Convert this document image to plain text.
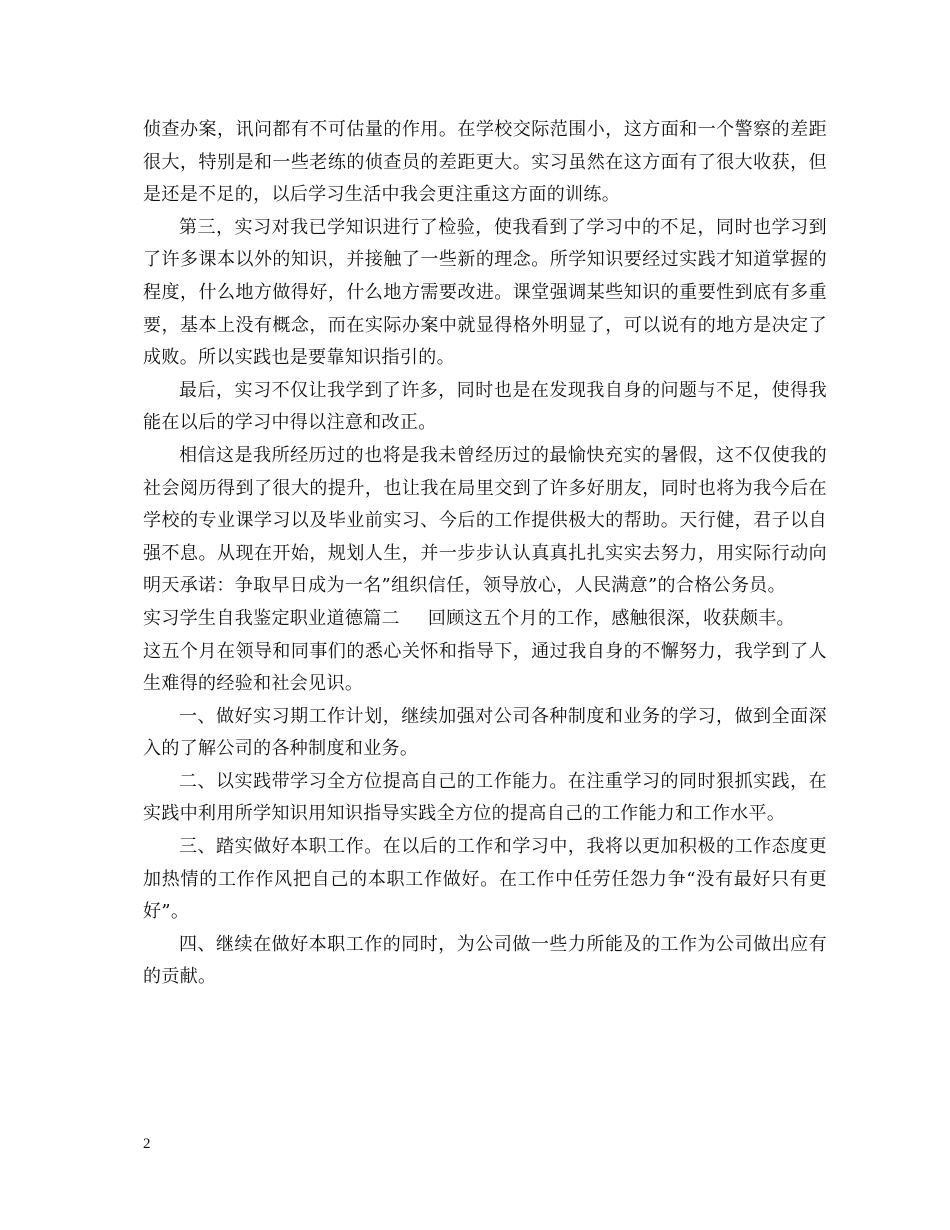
侦查办案，讯问都有不可估量的作用。在学校交际范围小，这方面和一个警察的差距很大，特别是和一些老练的侦查员的差距更大。实习虽然在这方面有了很大收获，但是还是不足的，以后学习生活中我会更注重这方面的训练。

第三，实习对我已学知识进行了检验，使我看到了学习中的不足，同时也学习到了许多课本以外的知识，并接触了一些新的理念。所学知识要经过实践才知道掌握的程度，什么地方做得好，什么地方需要改进。课堂强调某些知识的重要性到底有多重要，基本上没有概念，而在实际办案中就显得格外明显了，可以说有的地方是决定了成败。所以实践也是要靠知识指引的。

最后，实习不仅让我学到了许多，同时也是在发现我自身的问题与不足，使得我能在以后的学习中得以注意和改正。

相信这是我所经历过的也将是我未曾经历过的最愉快充实的暑假，这不仅使我的社会阅历得到了很大的提升，也让我在局里交到了许多好朋友，同时也将为我今后在学校的专业课学习以及毕业前实习、今后的工作提供极大的帮助。天行健，君子以自强不息。从现在开始，规划人生，并一步步认认真真扎扎实实去努力，用实际行动向明天承诺：争取早日成为一名”组织信任，领导放心，人民满意”的合格公务员。

实习学生自我鉴定职业道德篇二 回顾这五个月的工作，感触很深，收获颇丰。

这五个月在领导和同事们的悉心关怀和指导下，通过我自身的不懈努力，我学到了人生难得的经验和社会见识。

一、做好实习期工作计划，继续加强对公司各种制度和业务的学习，做到全面深入的了解公司的各种制度和业务。

二、以实践带学习全方位提高自己的工作能力。在注重学习的同时狠抓实践，在实践中利用所学知识用知识指导实践全方位的提高自己的工作能力和工作水平。

三、踏实做好本职工作。在以后的工作和学习中，我将以更加积极的工作态度更加热情的工作作风把自己的本职工作做好。在工作中任劳任怨力争“没有最好只有更好”。

四、继续在做好本职工作的同时，为公司做一些力所能及的工作为公司做出应有的贡献。

2
